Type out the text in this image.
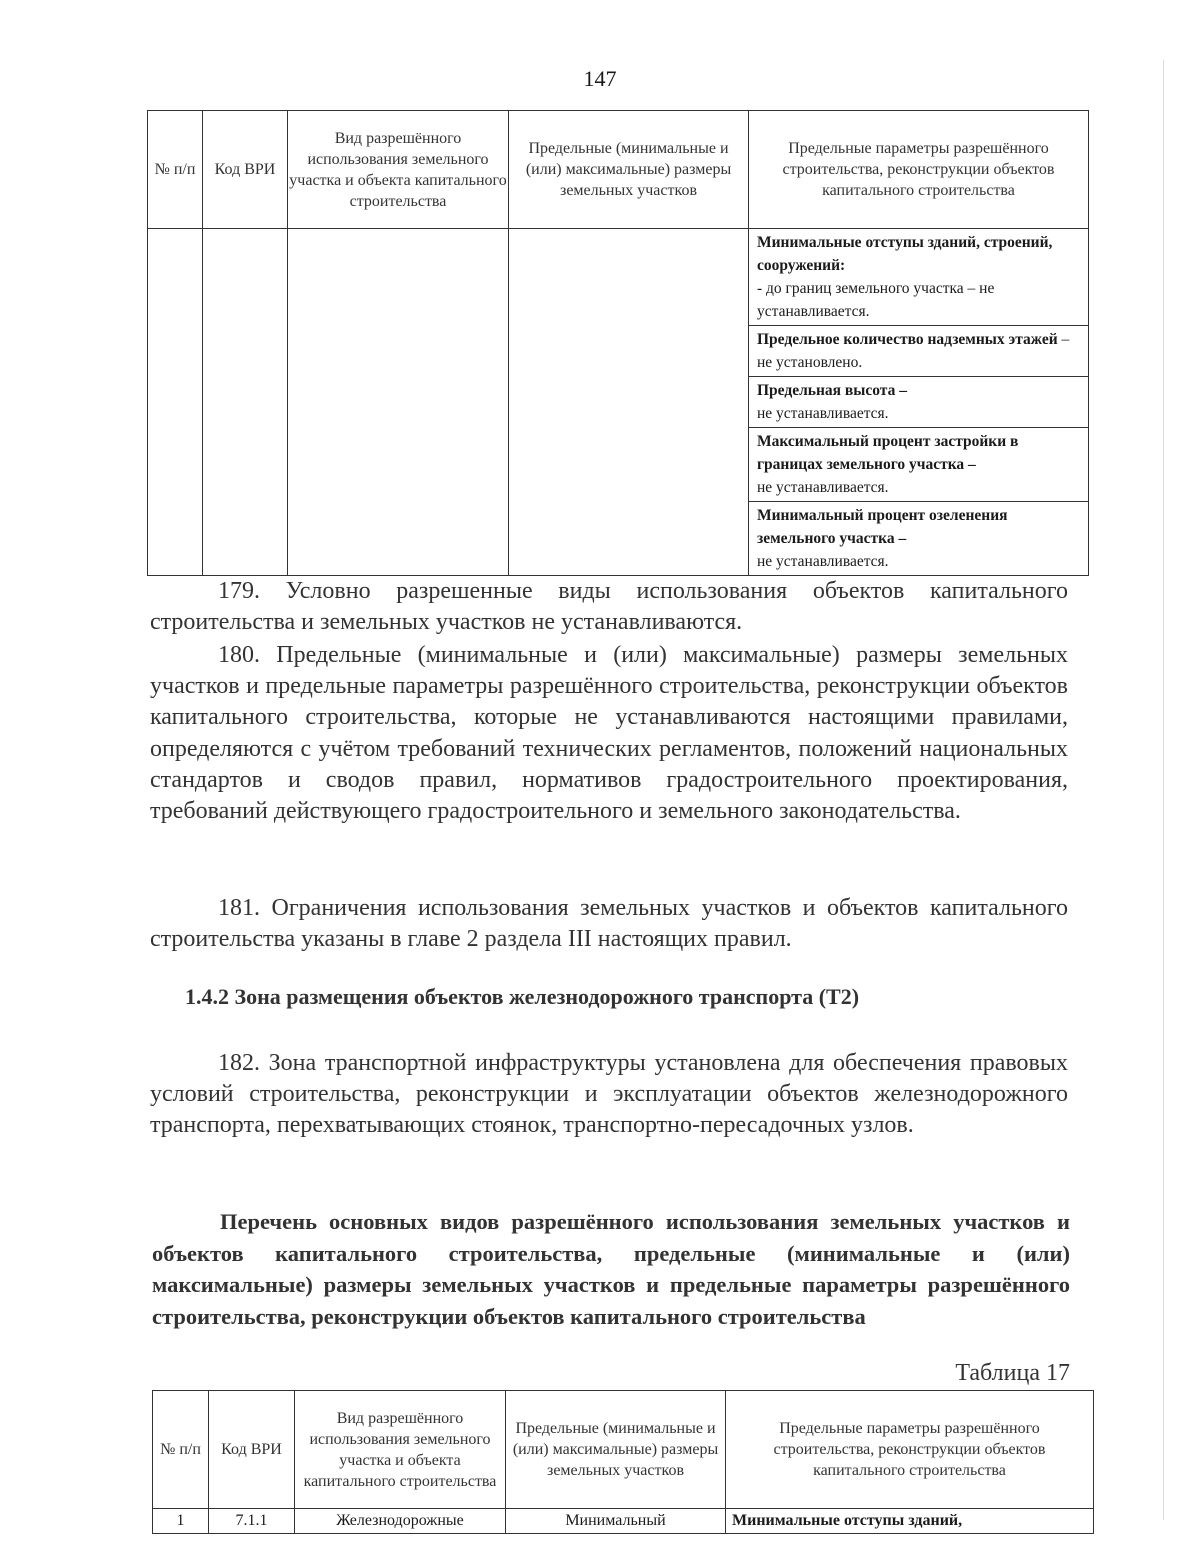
147
№ п/п	Код ВРИ	Вид разрешённого использования земельного участка и объекта капитального строительства	Предельные (минимальные и (или) максимальные) размеры земельных участков	Предельные параметры разрешённого строительства, реконструкции объектов капитального строительства
				Минимальные отступы зданий, строений, сооружений:
- до границ земельного участка – не устанавливается.
				Предельное количество надземных этажей – не установлено.
				Предельная высота –
не устанавливается.
				Максимальный процент застройки в границах земельного участка –
не устанавливается.
				Минимальный процент озеленения земельного участка –
не устанавливается.
179. Условно разрешенные виды использования объектов капитального строительства и земельных участков не устанавливаются.
180. Предельные (минимальные и (или) максимальные) размеры земельных участков и предельные параметры разрешённого строительства, реконструкции объектов капитального строительства, которые не устанавливаются настоящими правилами, определяются с учётом требований технических регламентов, положений национальных стандартов и сводов правил, нормативов градостроительного проектирования, требований действующего градостроительного и земельного законодательства.
181. Ограничения использования земельных участков и объектов капитального строительства указаны в главе 2 раздела III настоящих правил.
1.4.2 Зона размещения объектов железнодорожного транспорта (Т2)
182. Зона транспортной инфраструктуры установлена для обеспечения правовых условий строительства, реконструкции и эксплуатации объектов железнодорожного транспорта, перехватывающих стоянок, транспортно-пересадочных узлов.
Перечень основных видов разрешённого использования земельных участков и объектов капитального строительства, предельные (минимальные и (или) максимальные) размеры земельных участков и предельные параметры разрешённого строительства, реконструкции объектов капитального строительства
Таблица 17
№ п/п	Код ВРИ	Вид разрешённого использования земельного участка и объекта капитального строительства	Предельные (минимальные и (или) максимальные) размеры земельных участков	Предельные параметры разрешённого строительства, реконструкции объектов капитального строительства
1	7.1.1	Железнодорожные	Минимальный	Минимальные отступы зданий,
